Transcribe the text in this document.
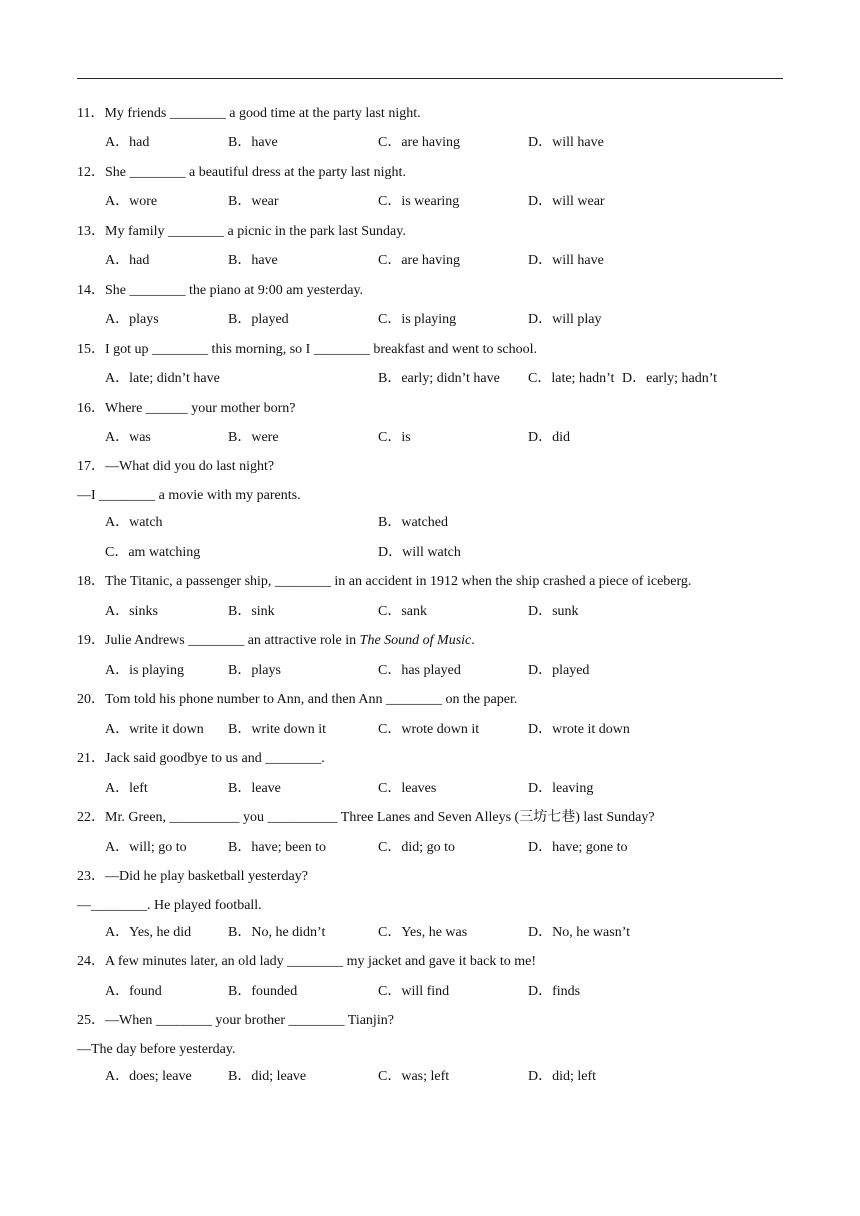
11．My friends ________ a good time at the party last night.
A．had	B．have	C．are having	D．will have
12．She ________ a beautiful dress at the party last night.
A．wore	B．wear	C．is wearing	D．will wear
13．My family ________ a picnic in the park last Sunday.
A．had	B．have	C．are having	D．will have
14．She ________ the piano at 9:00 am yesterday.
A．plays	B．played	C．is playing	D．will play
15．I got up ________ this morning, so I ________ breakfast and went to school.
A．late; didn’t have	B．early; didn’t have C．late; hadn’t D．early; hadn’t
16．Where ______ your mother born?
A．was	B．were	C．is	D．did
17．—What did you do last night?
—I ________ a movie with my parents.
A．watch	B．watched
C．am watching	D．will watch
18．The Titanic, a passenger ship, ________ in an accident in 1912 when the ship crashed a piece of iceberg.
A．sinks	B．sink	C．sank	D．sunk
19．Julie Andrews ________ an attractive role in The Sound of Music.
A．is playing	B．plays	C．has played	D．played
20．Tom told his phone number to Ann, and then Ann ________ on the paper.
A．write it down B．write down it	C．wrote down it	D．wrote it down
21．Jack said goodbye to us and ________.
A．left	B．leave	C．leaves	D．leaving
22．Mr. Green, __________ you __________ Three Lanes and Seven Alleys (三坊七巷) last Sunday?
A．will; go to	B．have; been to	C．did; go to	D．have; gone to
23．—Did he play basketball yesterday?
—________. He played football.
A．Yes, he did	B．No, he didn’t	C．Yes, he was	D．No, he wasn’t
24．A few minutes later, an old lady ________ my jacket and gave it back to me!
A．found	B．founded	C．will find	D．finds
25．—When ________ your brother ________ Tianjin?
—The day before yesterday.
A．does; leave	B．did; leave	C．was; left	D．did; left
